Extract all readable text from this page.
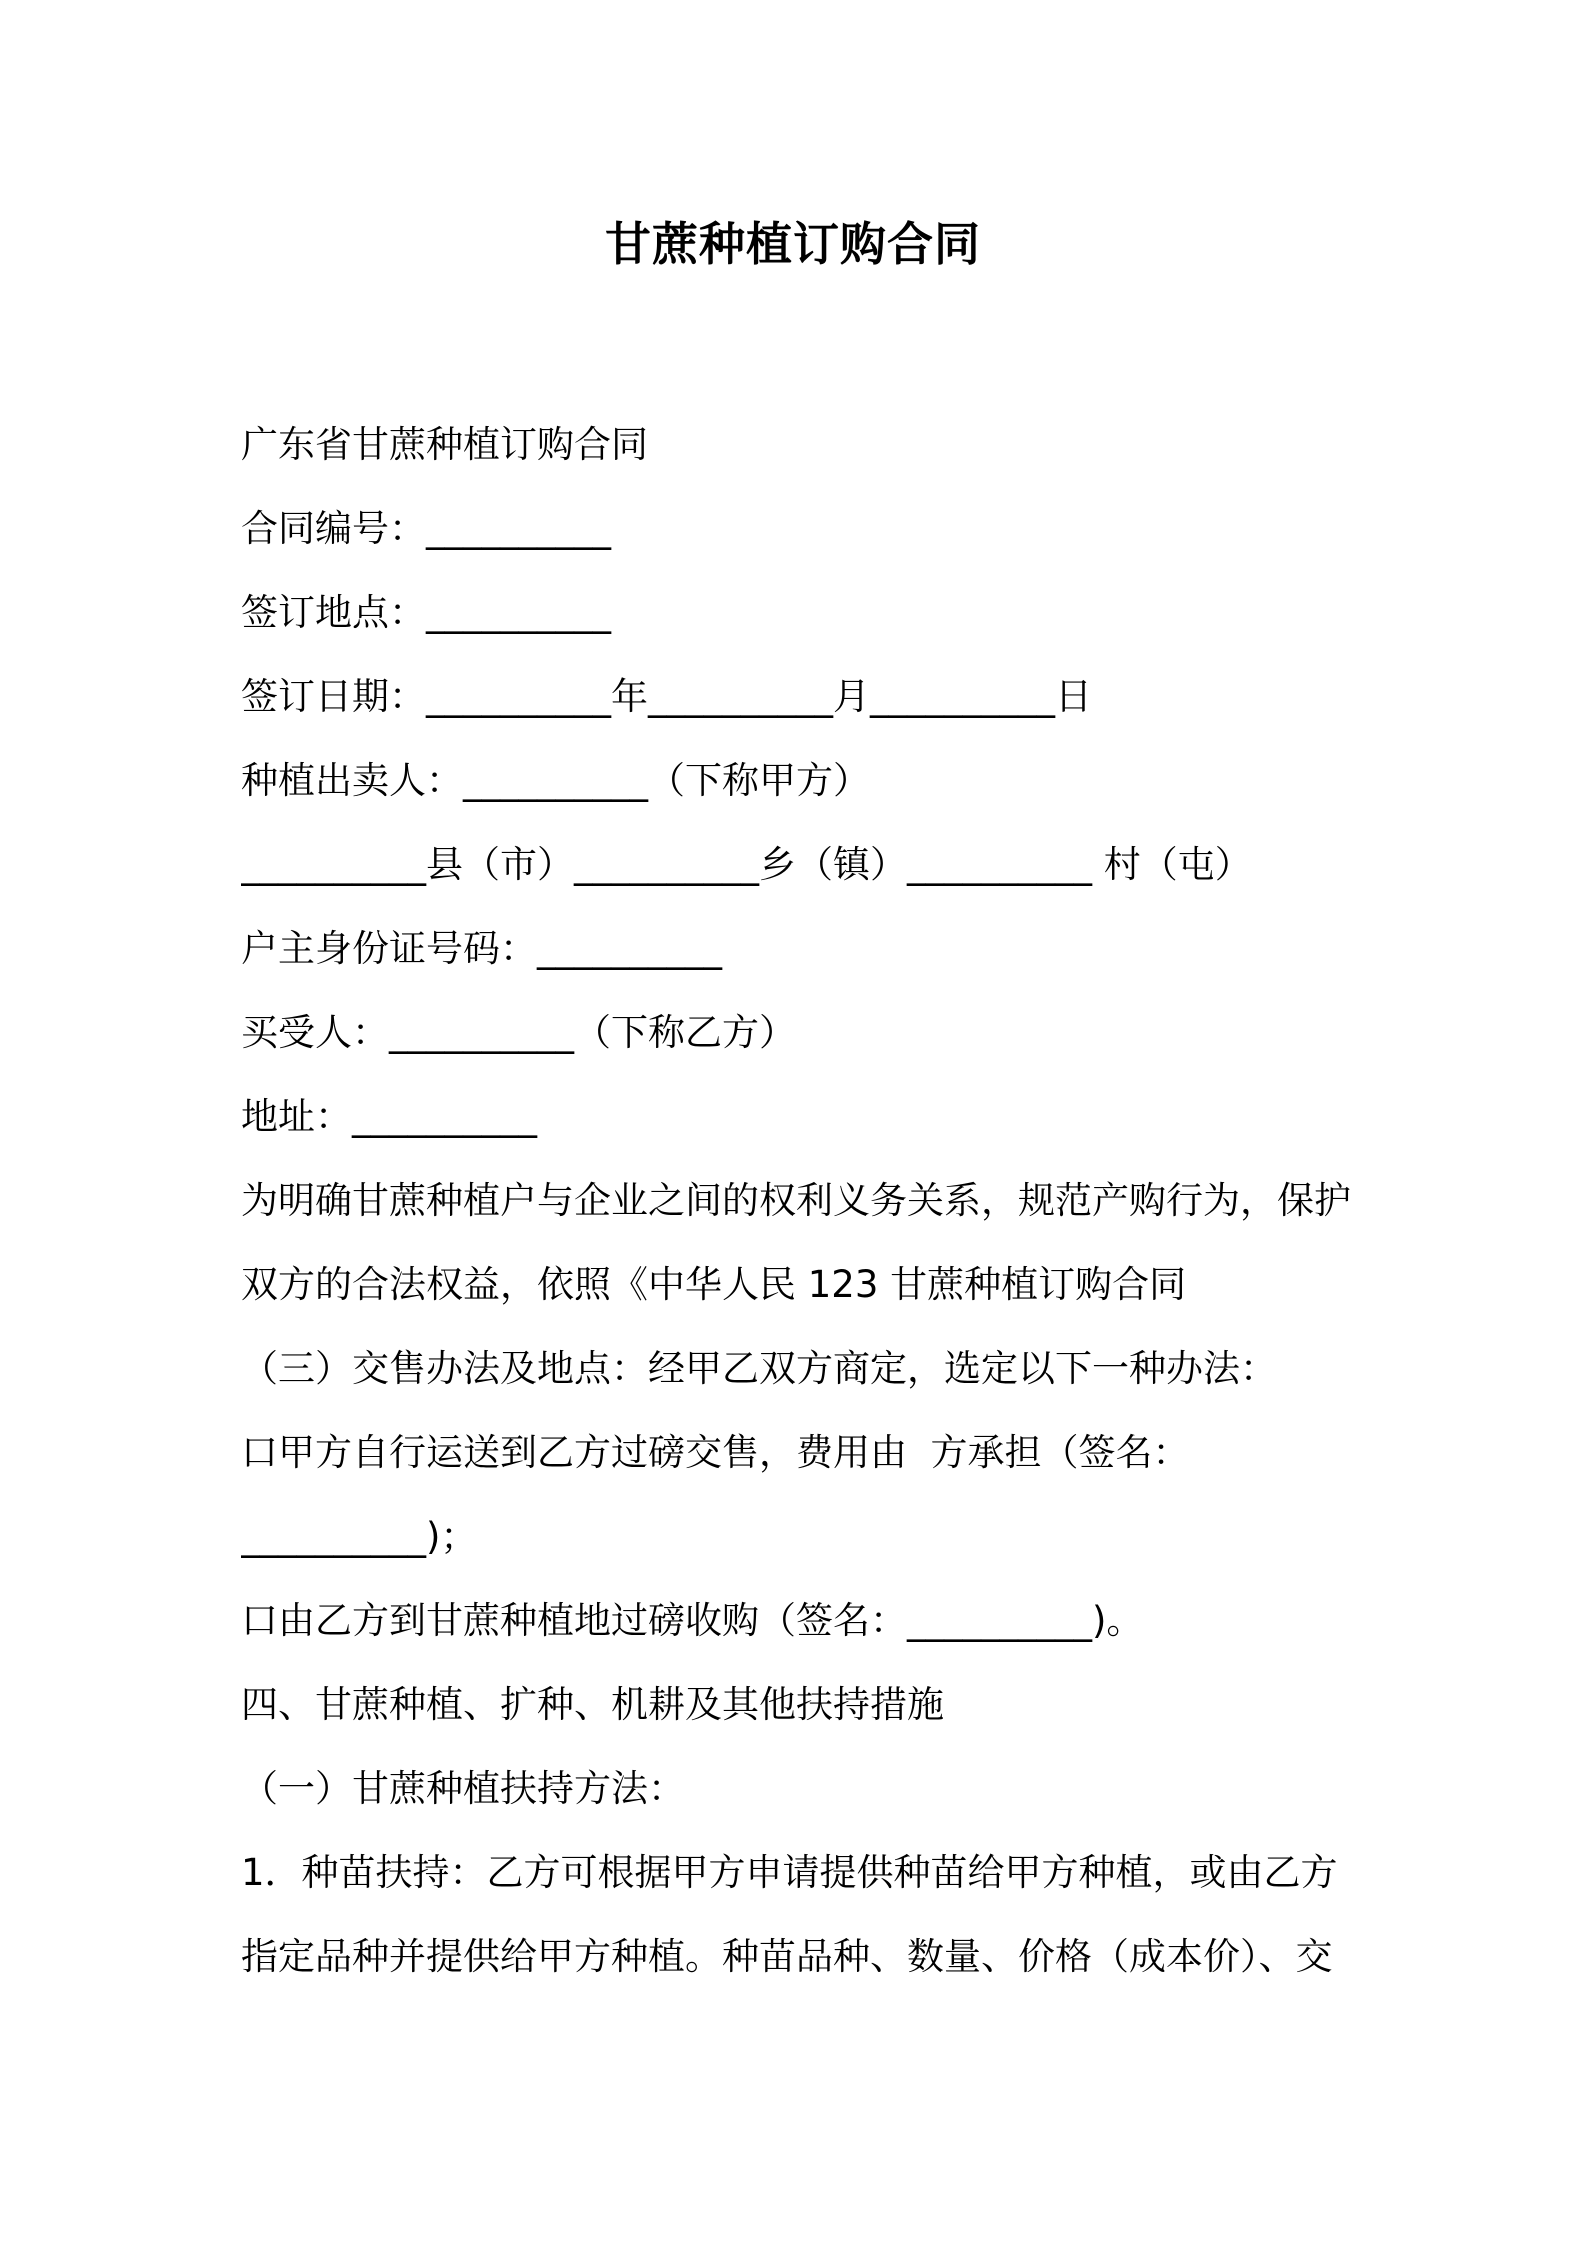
甘蔗种植订购合同
广东省甘蔗种植订购合同
合同编号：__________
签订地点：__________
签订日期：__________年__________月__________日
种植出卖人：__________（下称甲方）
__________县（市）__________乡（镇）__________ 村（屯）
户主身份证号码：__________
买受人：__________（下称乙方）
地址：__________
为明确甘蔗种植户与企业之间的权利义务关系，规范产购行为，保护
双方的合法权益，依照《中华人民 123 甘蔗种植订购合同
（三）交售办法及地点：经甲乙双方商定，选定以下一种办法：
口甲方自行运送到乙方过磅交售，费用由  方承担（签名：
__________)；
口由乙方到甘蔗种植地过磅收购（签名：__________)。
四、甘蔗种植、扩种、机耕及其他扶持措施
（一）甘蔗种植扶持方法：
1．种苗扶持：乙方可根据甲方申请提供种苗给甲方种植，或由乙方
指定品种并提供给甲方种植。种苗品种、数量、价格（成本价）、交
